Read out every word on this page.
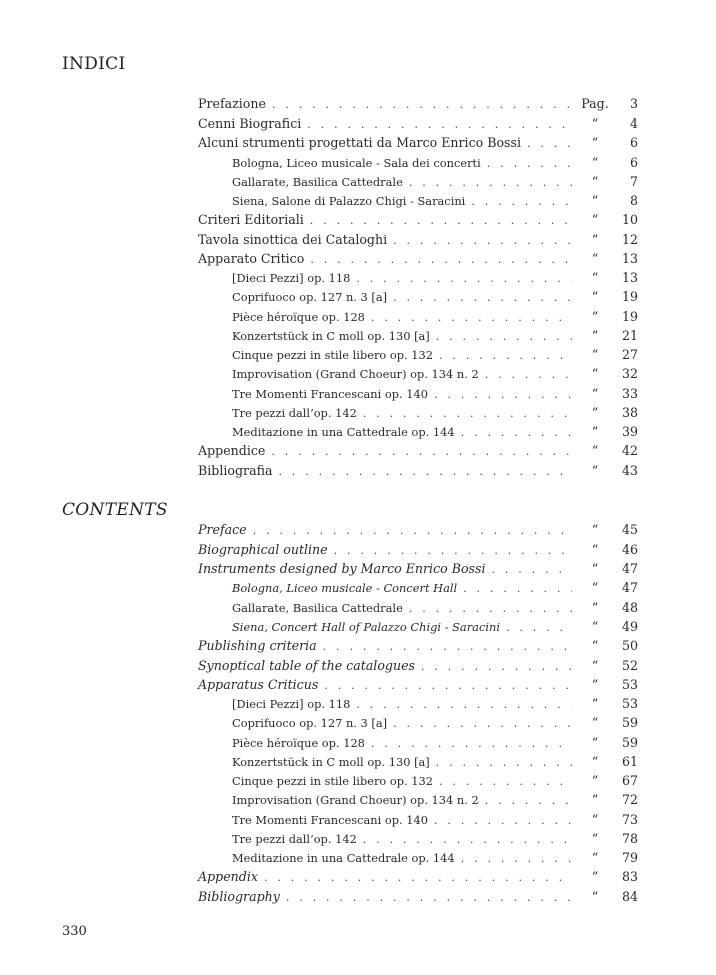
INDICI
Prefazione . . .	Pag.	3
Cenni Biografici . . .	“	4
Alcuni strumenti progettati da Marco Enrico Bossi . . .	“	6
Bologna, Liceo musicale - Sala dei concerti . . .	“	6
Gallarate, Basilica Cattedrale . . .	“	7
Siena, Salone di Palazzo Chigi - Saracini . . .	“	8
Criteri Editoriali . . .	“	10
Tavola sinottica dei Cataloghi . . .	“	12
Apparato Critico . . .	“	13
[Dieci Pezzi] op. 118 . . .	“	13
Coprifuoco op. 127 n. 3 [a] . . .	“	19
Pièce héroïque op. 128 . . .	“	19
Konzertstück in C moll op. 130 [a] . . .	“	21
Cinque pezzi in stile libero op. 132 . . .	“	27
Improvisation (Grand Choeur) op. 134 n. 2 . . .	“	32
Tre Momenti Francescani op. 140 . . .	“	33
Tre pezzi dall’op. 142 . . .	“	38
Meditazione in una Cattedrale op. 144 . . .	“	39
Appendice . . .	“	42
Bibliografia . . .	“	43
CONTENTS
Preface . . .	“	45
Biographical outline . . .	“	46
Instruments designed by Marco Enrico Bossi . . .	“	47
Bologna, Liceo musicale - Concert Hall . . .	“	47
Gallarate, Basilica Cattedrale . . .	“	48
Siena, Concert Hall of Palazzo Chigi - Saracini . . .	“	49
Publishing criteria . . .	“	50
Synoptical table of the catalogues . . .	“	52
Apparatus Criticus . . .	“	53
[Dieci Pezzi] op. 118 . . .	“	53
Coprifuoco op. 127 n. 3 [a] . . .	“	59
Pièce héroïque op. 128 . . .	“	59
Konzertstück in C moll op. 130 [a] . . .	“	61
Cinque pezzi in stile libero op. 132 . . .	“	67
Improvisation (Grand Choeur) op. 134 n. 2 . . .	“	72
Tre Momenti Francescani op. 140 . . .	“	73
Tre pezzi dall’op. 142 . . .	“	78
Meditazione in una Cattedrale op. 144 . . .	“	79
Appendix . . .	“	83
Bibliography . . .	“	84

330
